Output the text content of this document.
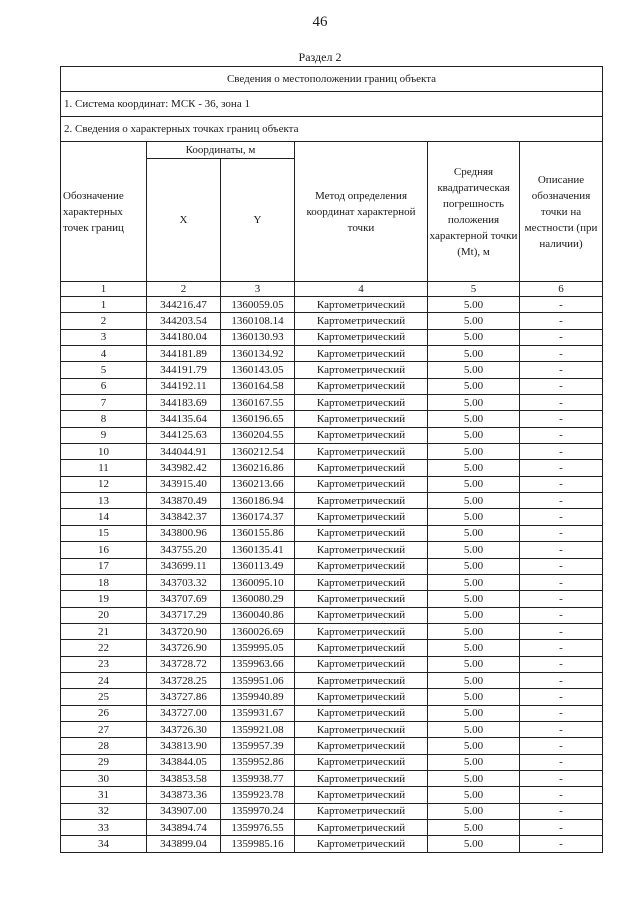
46
Раздел 2
Сведения о местоположении границ объекта					
1. Система координат: МСК - 36, зона 1					
2. Сведения о характерных точках границ объекта					
Обозначение характерных точек границ	Координаты, м		Метод определения координат характерной точки	Средняя квадратическая погрешность положения характерной точки (Mt), м	Описание обозначения точки на местности (при наличии)
	X	Y			
1	2	3	4	5	6
1	344216.47	1360059.05	Картометрический	5.00	-
2	344203.54	1360108.14	Картометрический	5.00	-
3	344180.04	1360130.93	Картометрический	5.00	-
4	344181.89	1360134.92	Картометрический	5.00	-
5	344191.79	1360143.05	Картометрический	5.00	-
6	344192.11	1360164.58	Картометрический	5.00	-
7	344183.69	1360167.55	Картометрический	5.00	-
8	344135.64	1360196.65	Картометрический	5.00	-
9	344125.63	1360204.55	Картометрический	5.00	-
10	344044.91	1360212.54	Картометрический	5.00	-
11	343982.42	1360216.86	Картометрический	5.00	-
12	343915.40	1360213.66	Картометрический	5.00	-
13	343870.49	1360186.94	Картометрический	5.00	-
14	343842.37	1360174.37	Картометрический	5.00	-
15	343800.96	1360155.86	Картометрический	5.00	-
16	343755.20	1360135.41	Картометрический	5.00	-
17	343699.11	1360113.49	Картометрический	5.00	-
18	343703.32	1360095.10	Картометрический	5.00	-
19	343707.69	1360080.29	Картометрический	5.00	-
20	343717.29	1360040.86	Картометрический	5.00	-
21	343720.90	1360026.69	Картометрический	5.00	-
22	343726.90	1359995.05	Картометрический	5.00	-
23	343728.72	1359963.66	Картометрический	5.00	-
24	343728.25	1359951.06	Картометрический	5.00	-
25	343727.86	1359940.89	Картометрический	5.00	-
26	343727.00	1359931.67	Картометрический	5.00	-
27	343726.30	1359921.08	Картометрический	5.00	-
28	343813.90	1359957.39	Картометрический	5.00	-
29	343844.05	1359952.86	Картометрический	5.00	-
30	343853.58	1359938.77	Картометрический	5.00	-
31	343873.36	1359923.78	Картометрический	5.00	-
32	343907.00	1359970.24	Картометрический	5.00	-
33	343894.74	1359976.55	Картометрический	5.00	-
34	343899.04	1359985.16	Картометрический	5.00	-
